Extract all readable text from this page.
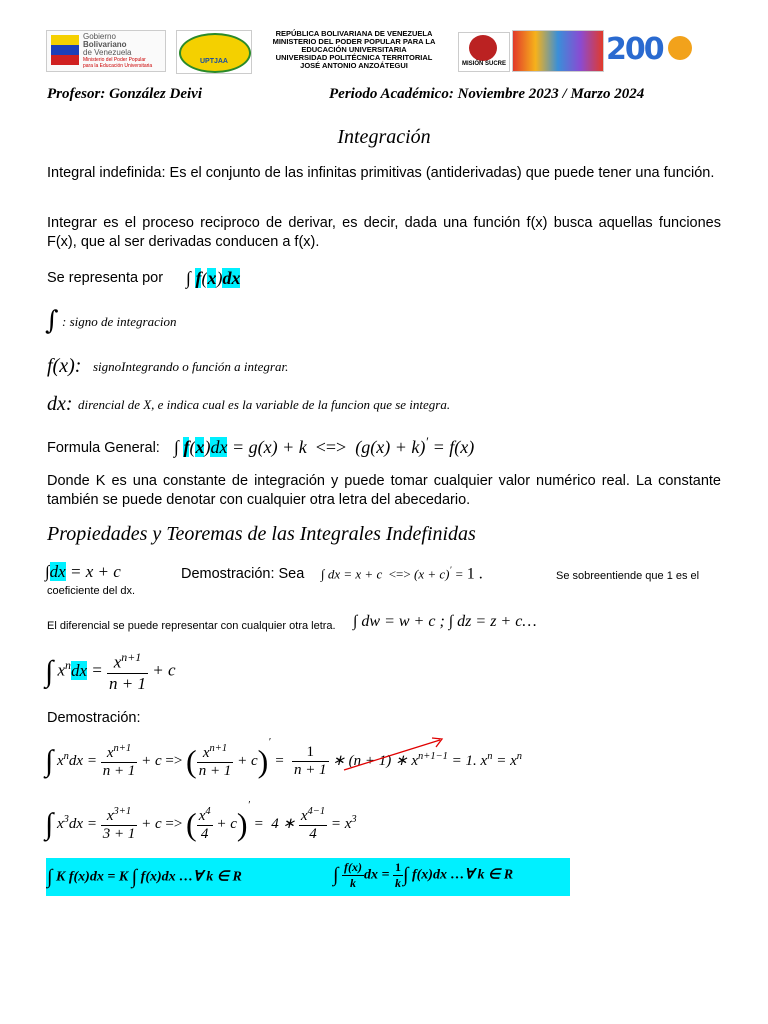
Gobierno
Bolivariano
de Venezuela
Ministerio del Poder Popular
para la Educación Universitaria
UPTJAA
REPÚBLICA BOLIVARIANA DE VENEZUELA
MINISTERIO DEL PODER POPULAR PARA LA
EDUCACIÓN UNIVERSITARIA
UNIVERSIDAD POLITÉCNICA TERRITORIAL
JOSÉ ANTONIO ANZOÁTEGUI	MISIÓN SUCRE	200
Profesor: González Deivi	Periodo Académico: Noviembre 2023 / Marzo 2024
Integración
Integral indefinida: Es el conjunto de las infinitas primitivas (antiderivadas) que puede tener una función.
Integrar es el proceso reciproco de derivar, es decir, dada una función f(x) busca aquellas funciones F(x), que al ser derivadas conducen a f(x).
Se representa por ∫ f(x)dx
∫ : signo de integracion
f(x): signoIntegrando o función a integrar.
dx: direncial de X, e indica cual es la variable de la funcion que se integra.
Formula General: ∫ f(x)dx = g(x) + k <=>  (g(x) + k)′ = f(x)
Donde K es una constante de integración y puede tomar cualquier valor numérico real. La constante también se puede denotar con cualquier otra letra del abecedario.
Propiedades y Teoremas de las Integrales Indefinidas
∫dx = x + c	Demostración: Sea ∫ dx = x + c <=> (x + c)′ = 1 .	Se sobreentiende que 1 es el
coeficiente del dx.
El diferencial se puede representar con cualquier otra letra. ∫ dw = w + c ; ∫ dz = z + c…
∫ $x^ndx = \frac{x^{n+1}}{n + 1} + c$
Demostración:
∫ $x^ndx = \frac{x^{n+1}}{n + 1} + c$ => ( $\frac{x^{n+1}}{n + 1} + c)' = \frac{1}{n + 1}$ ∗ (n + 1) ∗ $x^{n+1-1} = 1$. $x^n = x^n$
∫ $x^3dx = \frac{x^{3+1}}{3 + 1} + c$ => ( $\frac{x^4}{4} + c)' = 4$ ∗ $\frac{x^{4-1}}{4} = x^3$
∫ K f(x)dx = K ∫ f(x)dx …∀ k ∈ R	∫ $\frac{f(x)}{k}$ dx = $\frac{1}{k}$ ∫ f(x)dx …∀ k ∈ R
